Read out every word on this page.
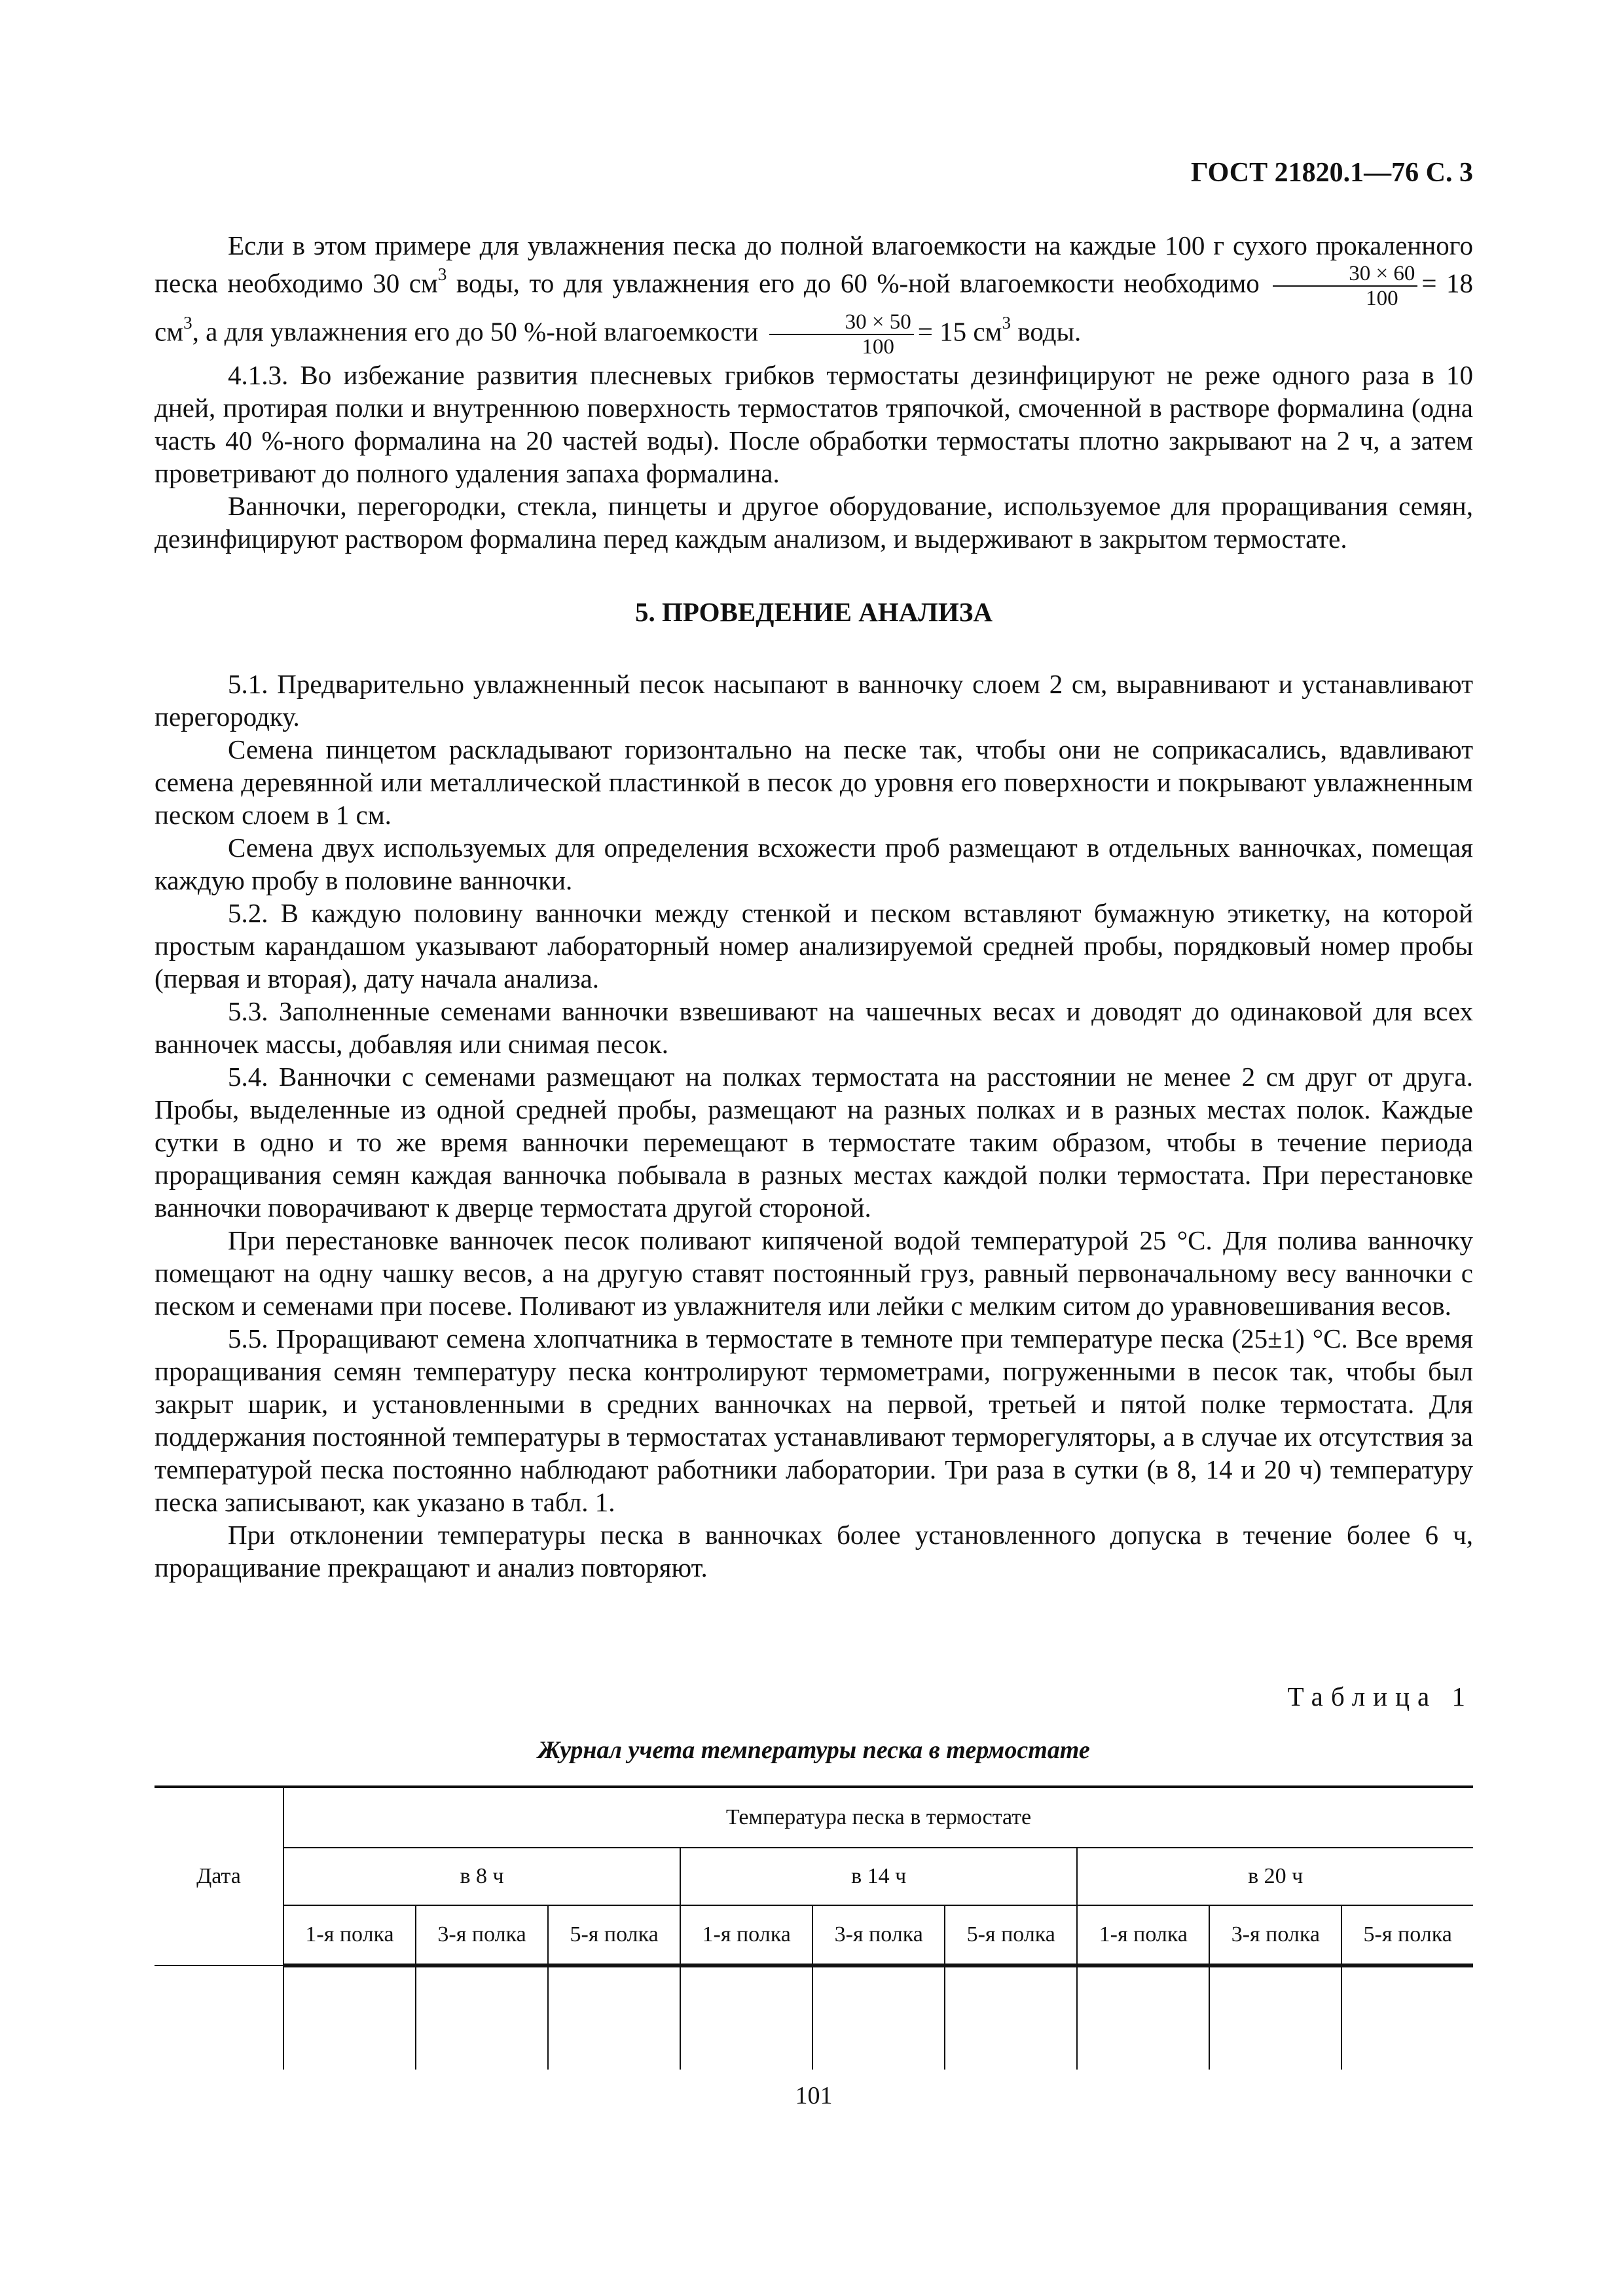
ГОСТ 21820.1—76 С. 3

Если в этом примере для увлажнения песка до полной влагоемкости на каждые 100 г сухого прокаленного песка необходимо 30 $см^3$ воды, то для увлажнения его до 60 %-ной влагоемкости необходимо $\frac{30 \times 60}{100} = 18$ $см^3$, а для увлажнения его до 50 %-ной влагоемкости $\frac{30 \times 50}{100} = 15$ $см^3$ воды.

4.1.3. Во избежание развития плесневых грибков термостаты дезинфицируют не реже одного раза в 10 дней, протирая полки и внутреннюю поверхность термостатов тряпочкой, смоченной в растворе формалина (одна часть 40 %-ного формалина на 20 частей воды). После обработки термостаты плотно закрывают на 2 ч, а затем проветривают до полного удаления запаха формалина.

Ванночки, перегородки, стекла, пинцеты и другое оборудование, используемое для проращивания семян, дезинфицируют раствором формалина перед каждым анализом, и выдерживают в закрытом термостате.

5. ПРОВЕДЕНИЕ АНАЛИЗА

5.1. Предварительно увлажненный песок насыпают в ванночку слоем 2 см, выравнивают и устанавливают перегородку.

Семена пинцетом раскладывают горизонтально на песке так, чтобы они не соприкасались, вдавливают семена деревянной или металлической пластинкой в песок до уровня его поверхности и покрывают увлажненным песком слоем в 1 см.

Семена двух используемых для определения всхожести проб размещают в отдельных ванночках, помещая каждую пробу в половине ванночки.

5.2. В каждую половину ванночки между стенкой и песком вставляют бумажную этикетку, на которой простым карандашом указывают лабораторный номер анализируемой средней пробы, порядковый номер пробы (первая и вторая), дату начала анализа.

5.3. Заполненные семенами ванночки взвешивают на чашечных весах и доводят до одинаковой для всех ванночек массы, добавляя или снимая песок.

5.4. Ванночки с семенами размещают на полках термостата на расстоянии не менее 2 см друг от друга. Пробы, выделенные из одной средней пробы, размещают на разных полках и в разных местах полок. Каждые сутки в одно и то же время ванночки перемещают в термостате таким образом, чтобы в течение периода проращивания семян каждая ванночка побывала в разных местах каждой полки термостата. При перестановке ванночки поворачивают к дверце термостата другой стороной.

При перестановке ванночек песок поливают кипяченой водой температурой 25 °С. Для полива ванночку помещают на одну чашку весов, а на другую ставят постоянный груз, равный первоначальному весу ванночки с песком и семенами при посеве. Поливают из увлажнителя или лейки с мелким ситом до уравновешивания весов.

5.5. Проращивают семена хлопчатника в термостате в темноте при температуре песка (25±1) °С. Все время проращивания семян температуру песка контролируют термометрами, погруженными в песок так, чтобы был закрыт шарик, и установленными в средних ванночках на первой, третьей и пятой полке термостата. Для поддержания постоянной температуры в термостатах устанавливают терморегуляторы, а в случае их отсутствия за температурой песка постоянно наблюдают работники лаборатории. Три раза в сутки (в 8, 14 и 20 ч) температуру песка записывают, как указано в табл. 1.

При отклонении температуры песка в ванночках более установленного допуска в течение более 6 ч, проращивание прекращают и анализ повторяют.

Таблица 1
Журнал учета температуры песка в термостате
Дата	Температура песка в термостате								
	в 8 ч			в 14 ч			в 20 ч		
	1-я полка	3-я полка	5-я полка	1-я полка	3-я полка	5-я полка	1-я полка	3-я полка	5-я полка

101
